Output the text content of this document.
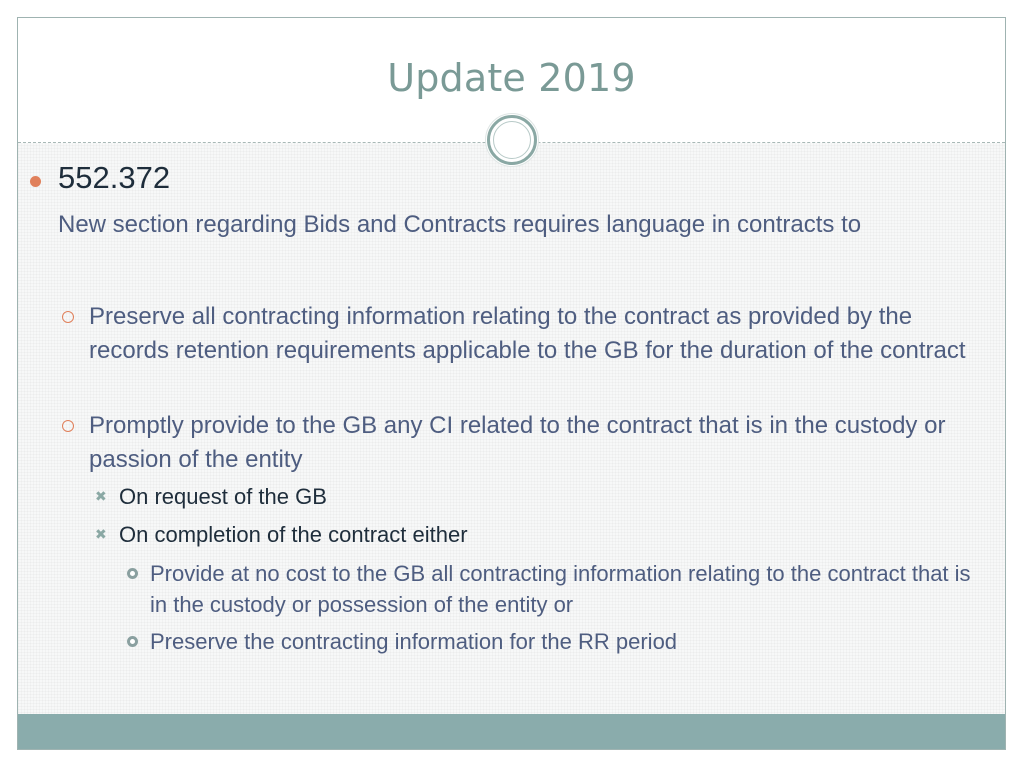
Update 2019
552.372
New section regarding Bids and Contracts requires language in contracts to
Preserve all contracting information relating to the contract as provided by the records retention requirements applicable to the GB for the duration of the contract
Promptly provide to the GB any CI related to the contract that is in the custody or passion of the entity
✖ On request of the GB
✖ On completion of the contract either
Provide at no cost to the GB all contracting information relating to the contract that is in the custody or possession of the entity or
Preserve the contracting information for the RR period
